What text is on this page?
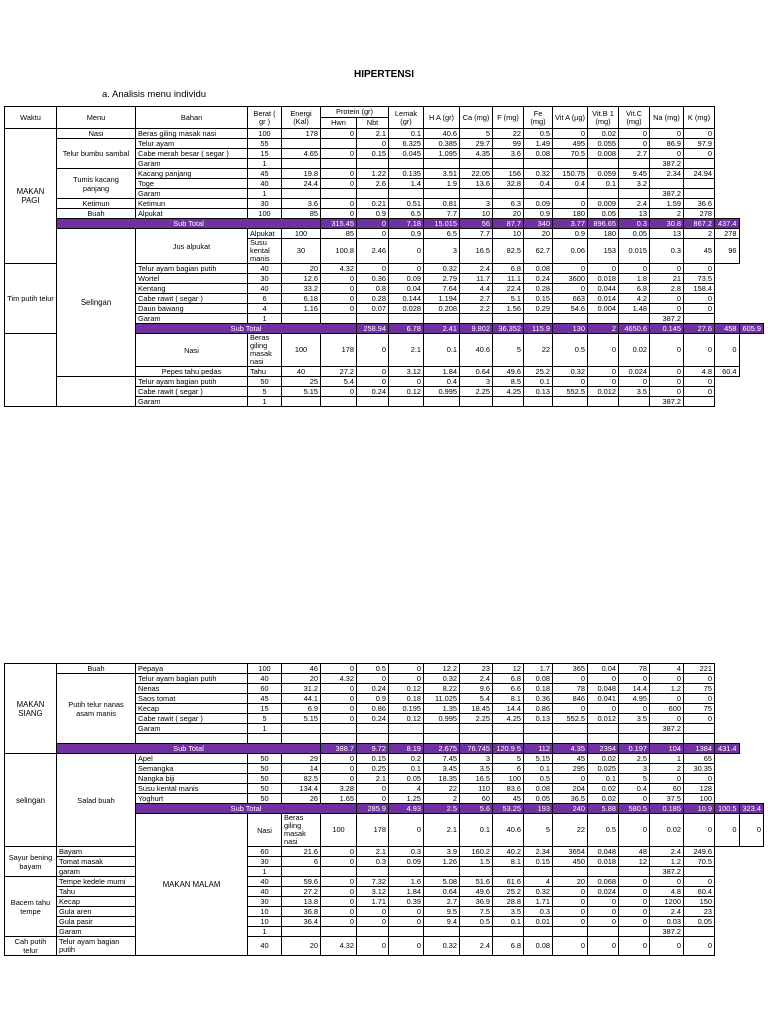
HIPERTENSI
a. Analisis menu individu
Waktu	Menu	Bahan	Berat ( gr )	Energi (Kal)	Protein (gr)		Lemak (gr)	H A (gr)	Ca (mg)	F (mg)	Fe (mg)	Vit A (µg)	Vit.B 1 (mg)	Vit.C (mg)	Na (mg)	K (mg)		
					Hwn	Nbt												
MAKAN PAGI	Nasi	Beras giling masak nasi	100	178	0	2.1	0.1	40.6	5	22	0.5	0	0.02	0	0	0		
	Telur bumbu sambal	Telur ayam	55			0	6.325	0.385	29.7	99	1.49	495	0.055	0	86.9	97.9		
		Cabe merah besar ( segar )	15	4.65	0	0.15	0.045	1.095	4.35	3.6	0.08	70.5	0.008	2.7	0	0		
		Garam	1												387.2			
	Tumis kacang panjang	Kacang panjang	45	19.8	0	1.22	0.135	3.51	22.05	156	0.32	150.75	0.059	9.45	2.34	24.94		
		Toge	40	24.4	0	2.6	1.4	1.9	13.6	32.8	0.4	0.4	0.1	3.2				
		Garam	1												387.2			
	Ketimun	Ketimun	30	3.6	0	0.21	0.51	0.81	3	6.3	0.09	0	0.009	2.4	1.59	36.6		
	Buah	Alpukat	100	85	0	0.9	6.5	7.7	10	20	0.9	180	0.05	13	2	278		
	Sub Total				315.45	0	7.18	15.015	56	87.7	340	3.77	896.65	0.3	30.8	867.2	437.4	
	Selingan	Jus alpukat	Alpukat	100	85	0	0.9	6.5	7.7	10	20	0.9	180	0.05	13	2	278	
			Susu kental manis	30	100.8	2.46	0	3	16.5	82.5	62.7	0.06	153	0.015	0.3	45	96	
Tim putih telur		Telur ayam bagian putih	40	20	4.32	0	0	0.32	2.4	6.8	0.08	0	0	0	0	0		
		Wortel	30	12.6	0	0.36	0.09	2.79	11.7	11.1	0.24	3600	0.018	1.8	21	73.5		
		Kentang	40	33.2	0	0.8	0.04	7.64	4.4	22.4	0.28	0	0.044	6.8	2.8	158.4		
		Cabe rawit ( segar )	6	6.18	0	0.28	0.144	1.194	2.7	5.1	0.15	663	0.014	4.2	0	0		
		Daun bawang	4	1.16	0	0.07	0.028	0.208	2.2	1.56	0.29	54.6	0.004	1.48	0	0		
		Garam	1												387.2			
		Sub Total				258.94	6.78	2.41	9.802	36.352	115.9	130	2	4650.6	0.145	27.6	458	605.9
		Nasi	Beras giling masak nasi	100	178	0	2.1	0.1	40.6	5	22	0.5	0	0.02	0	0	0	
		Pepes tahu pedas	Tahu	40	27.2	0	3.12	1.84	0.64	49.6	25.2	0.32	0	0.024	0	4.8	60.4	
		Telur ayam bagian putih	50	25	5.4	0	0	0.4	3	8.5	0.1	0	0	0	0	0		
		Cabe rawit ( segar )	5	5.15	0	0.24	0.12	0.995	2.25	4.25	0.13	552.5	0.012	3.5	0	0		
		Garam	1												387.2			
MAKAN SIANG	Buah	Pepaya	100	46	0	0.5	0	12.2	23	12	1.7	365	0.04	78	4	221		
	Putih telur nanas asam manis	Telur ayam bagian putih	40	20	4.32	0	0	0.32	2.4	6.8	0.08	0	0	0	0	0		
		Nenas	60	31.2	0	0.24	0.12	8.22	9.6	6.6	0.18	78	0.048	14.4	1.2	75		
		Saos tomat	45	44.1	0	0.9	0.18	11.025	5.4	8.1	0.36	846	0.041	4.95	0	0		
		Kecap	15	6.9	0	0.86	0.195	1.35	18.45	14.4	0.86	0	0	0	600	75		
		Cabe rawit ( segar )	5	5.15	0	0.24	0.12	0.995	2.25	4.25	0.13	552.5	0.012	3.5	0	0		
		Garam	1												387.2			

	Sub Total				388.7	9.72	8.19	2.675	76.745	120.9 5	112	4.35	2394	0.197	104	1384	431.4	
selingan	Salad buah	Apel	50	29	0	0.15	0.2	7.45	3	5	5.15	45	0.02	2.5	1	65		
		Semangka	50	14	0	0.25	0.1	3.45	3.5	6	0.1	295	0.025	3	2	30.35		
		Nangka biji	50	82.5	0	2.1	0.05	18.35	16.5	100	0.5	0	0.1	5	0	0		
		Susu kental manis	50	134.4	3.28	0	4	22	110	83.6	0.08	204	0.02	0.4	60	128		
		Yoghurt	50	26	1.65	0	1.25	2	60	45	0.05	36.5	0.02	0	37.5	100		
		Sub Total				285.9	4.93	2.5	5.6	53.25	193	240	5.88	580.5	0.185	10.9	100.5	323.4
		MAKAN MALAM	Nasi	Beras giling masak nasi	100	178	0	2.1	0.1	40.6	5	22	0.5	0	0.02	0	0	0
Sayur bening bayam	Bayam		60	21.6	0	2.1	0.3	3.9	160.2	40.2	2.34	3654	0.048	48	2.4	249.6		
	Tomat masak		30	6	0	0.3	0.09	1.26	1.5	8.1	0.15	450	0.018	12	1.2	70.5		
	garam		1												387.2			
Bacem tahu tempe	Tempe kedele murni		40	59.6	0	7.32	1.6	5.08	51.6	61.6	4	20	0.068	0	0	0		
	Tahu		40	27.2	0	3.12	1.84	0.64	49.6	25.2	0.32	0	0.024	0	4.8	60.4		
	Kecap		30	13.8	0	1.71	0.39	2.7	36.9	28.8	1.71	0	0	0	1200	150		
	Gula aren		10	36.8	0	0	0	9.5	7.5	3.5	0.3	0	0	0	2.4	23		
	Gula pasir		10	36.4	0	0	0	9.4	0.5	0.1	0.01	0	0	0	0.03	0.05		
	Garam		1												387.2			
Cah putih telur	Telur ayam bagian putih		40	20	4.32	0	0	0.32	2.4	6.8	0.08	0	0	0	0	0		
